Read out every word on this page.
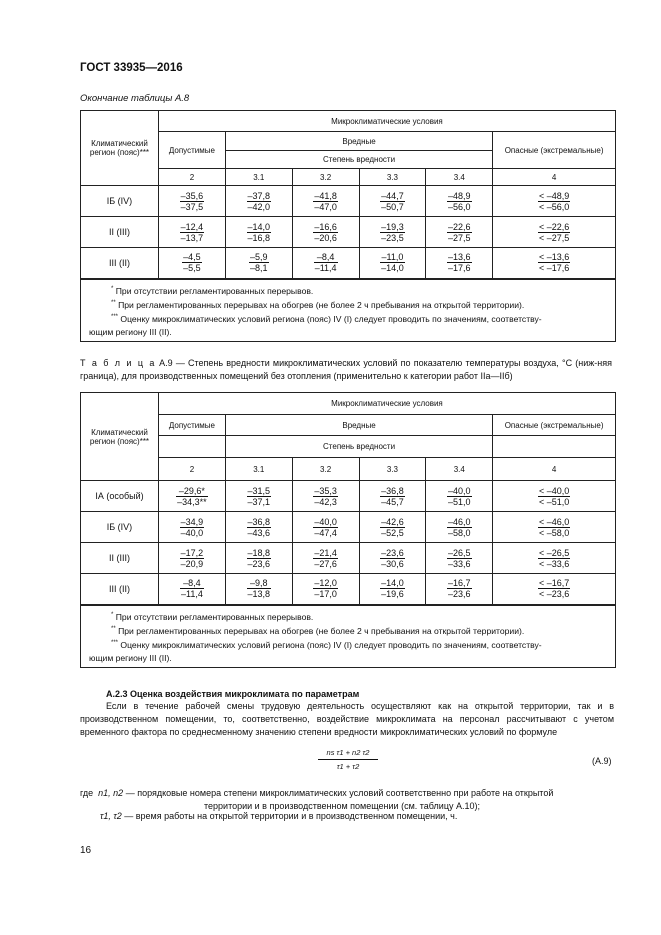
ГОСТ 33935—2016
Окончание таблицы А.8
Климатический регион (пояс)***	Микроклиматические условия					
	Допустимые	Вредные				Опасные (экстремальные)
		Степень вредности				
	2	3.1	3.2	3.3	3.4	4
IБ (IV)	$\frac{-35,6}{-37,5}$	$\frac{-37,8}{-42,0}$	$\frac{-41,8}{-47,0}$	$\frac{-44,7}{-50,7}$	$\frac{-48,9}{-56,0}$	$\frac{< -48,9}{< -56,0}$

II (III)	$\frac{-12,4}{-13,7}$	$\frac{-14,0}{-16,8}$	$\frac{-16,6}{-20,6}$	$\frac{-19,3}{-23,5}$	$\frac{-22,6}{-27,5}$	$\frac{< -22,6}{< -27,5}$

III (II)	$\frac{-4,5}{-5,5}$	$\frac{-5,9}{-8,1}$	$\frac{-8,4}{-11,4}$	$\frac{-11,0}{-14,0}$	$\frac{-13,6}{-17,6}$	$\frac{< -13,6}{< -17,6}$

* При отсутствии регламентированных перерывов.
** При регламентированных перерывах на обогрев (не более 2 ч пребывания на открытой территории).
*** Оценку микроклиматических условий региона (пояс) IV (I) следует проводить по значениям, соответству-
ющим региону III (II).						
Т а б л и ц а А.9 — Степень вредности микроклиматических условий по показателю температуры воздуха, °С (ниж-няя граница), для производственных помещений без отопления (применительно к категории работ IIа—IIб)
Климатический регион (пояс)***	Микроклиматические условия					
	Допустимые	Вредные				Опасные (экстремальные)
		Степень вредности				
	2	3.1	3.2	3.3	3.4	4
IА (особый)	$\frac{-29,6*}{-34,3**}$	$\frac{-31,5}{-37,1}$	$\frac{-35,3}{-42,3}$	$\frac{-36,8}{-45,7}$	$\frac{-40,0}{-51,0}$	$\frac{< -40,0}{< -51,0}$

IБ (IV)	$\frac{-34,9}{-40,0}$	$\frac{-36,8}{-43,6}$	$\frac{-40,0}{-47,4}$	$\frac{-42,6}{-52,5}$	$\frac{-46,0}{-58,0}$	$\frac{< -46,0}{< -58,0}$

II (III)	$\frac{-17,2}{-20,9}$	$\frac{-18,8}{-23,6}$	$\frac{-21,4}{-27,6}$	$\frac{-23,6}{-30,6}$	$\frac{-26,5}{-33,6}$	$\frac{< -26,5}{< -33,6}$

III (II)	$\frac{-8,4}{-11,4}$	$\frac{-9,8}{-13,8}$	$\frac{-12,0}{-17,0}$	$\frac{-14,0}{-19,6}$	$\frac{-16,7}{-23,6}$	$\frac{< -16,7}{< -23,6}$

* При отсутствии регламентированных перерывов.
** При регламентированных перерывах на обогрев (не более 2 ч пребывания на открытой территории).
*** Оценку микроклиматических условий региона (пояс) IV (I) следует проводить по значениям, соответству-
ющим региону III (II).						
А.2.3 Оценка воздействия микроклимата по параметрам
Если в течение рабочей смены трудовую деятельность осуществляют как на открытой территории, так и в производственном помещении, то, соответственно, воздействие микроклимата на персонал рассчитывают с учетом временного фактора по среднесменному значению степени вредности микроклиматических условий по формуле
$\frac{\text{ns τ1 + n2 τ2}}{\tau 1 + \tau 2}$	(А.9)
где n1, n2 — порядковые номера степени микроклиматических условий соответственно при работе на открытой
территории и в производственном помещении (см. таблицу А.10);
τ1, τ2 — время работы на открытой территории и в производственном помещении, ч.
16
